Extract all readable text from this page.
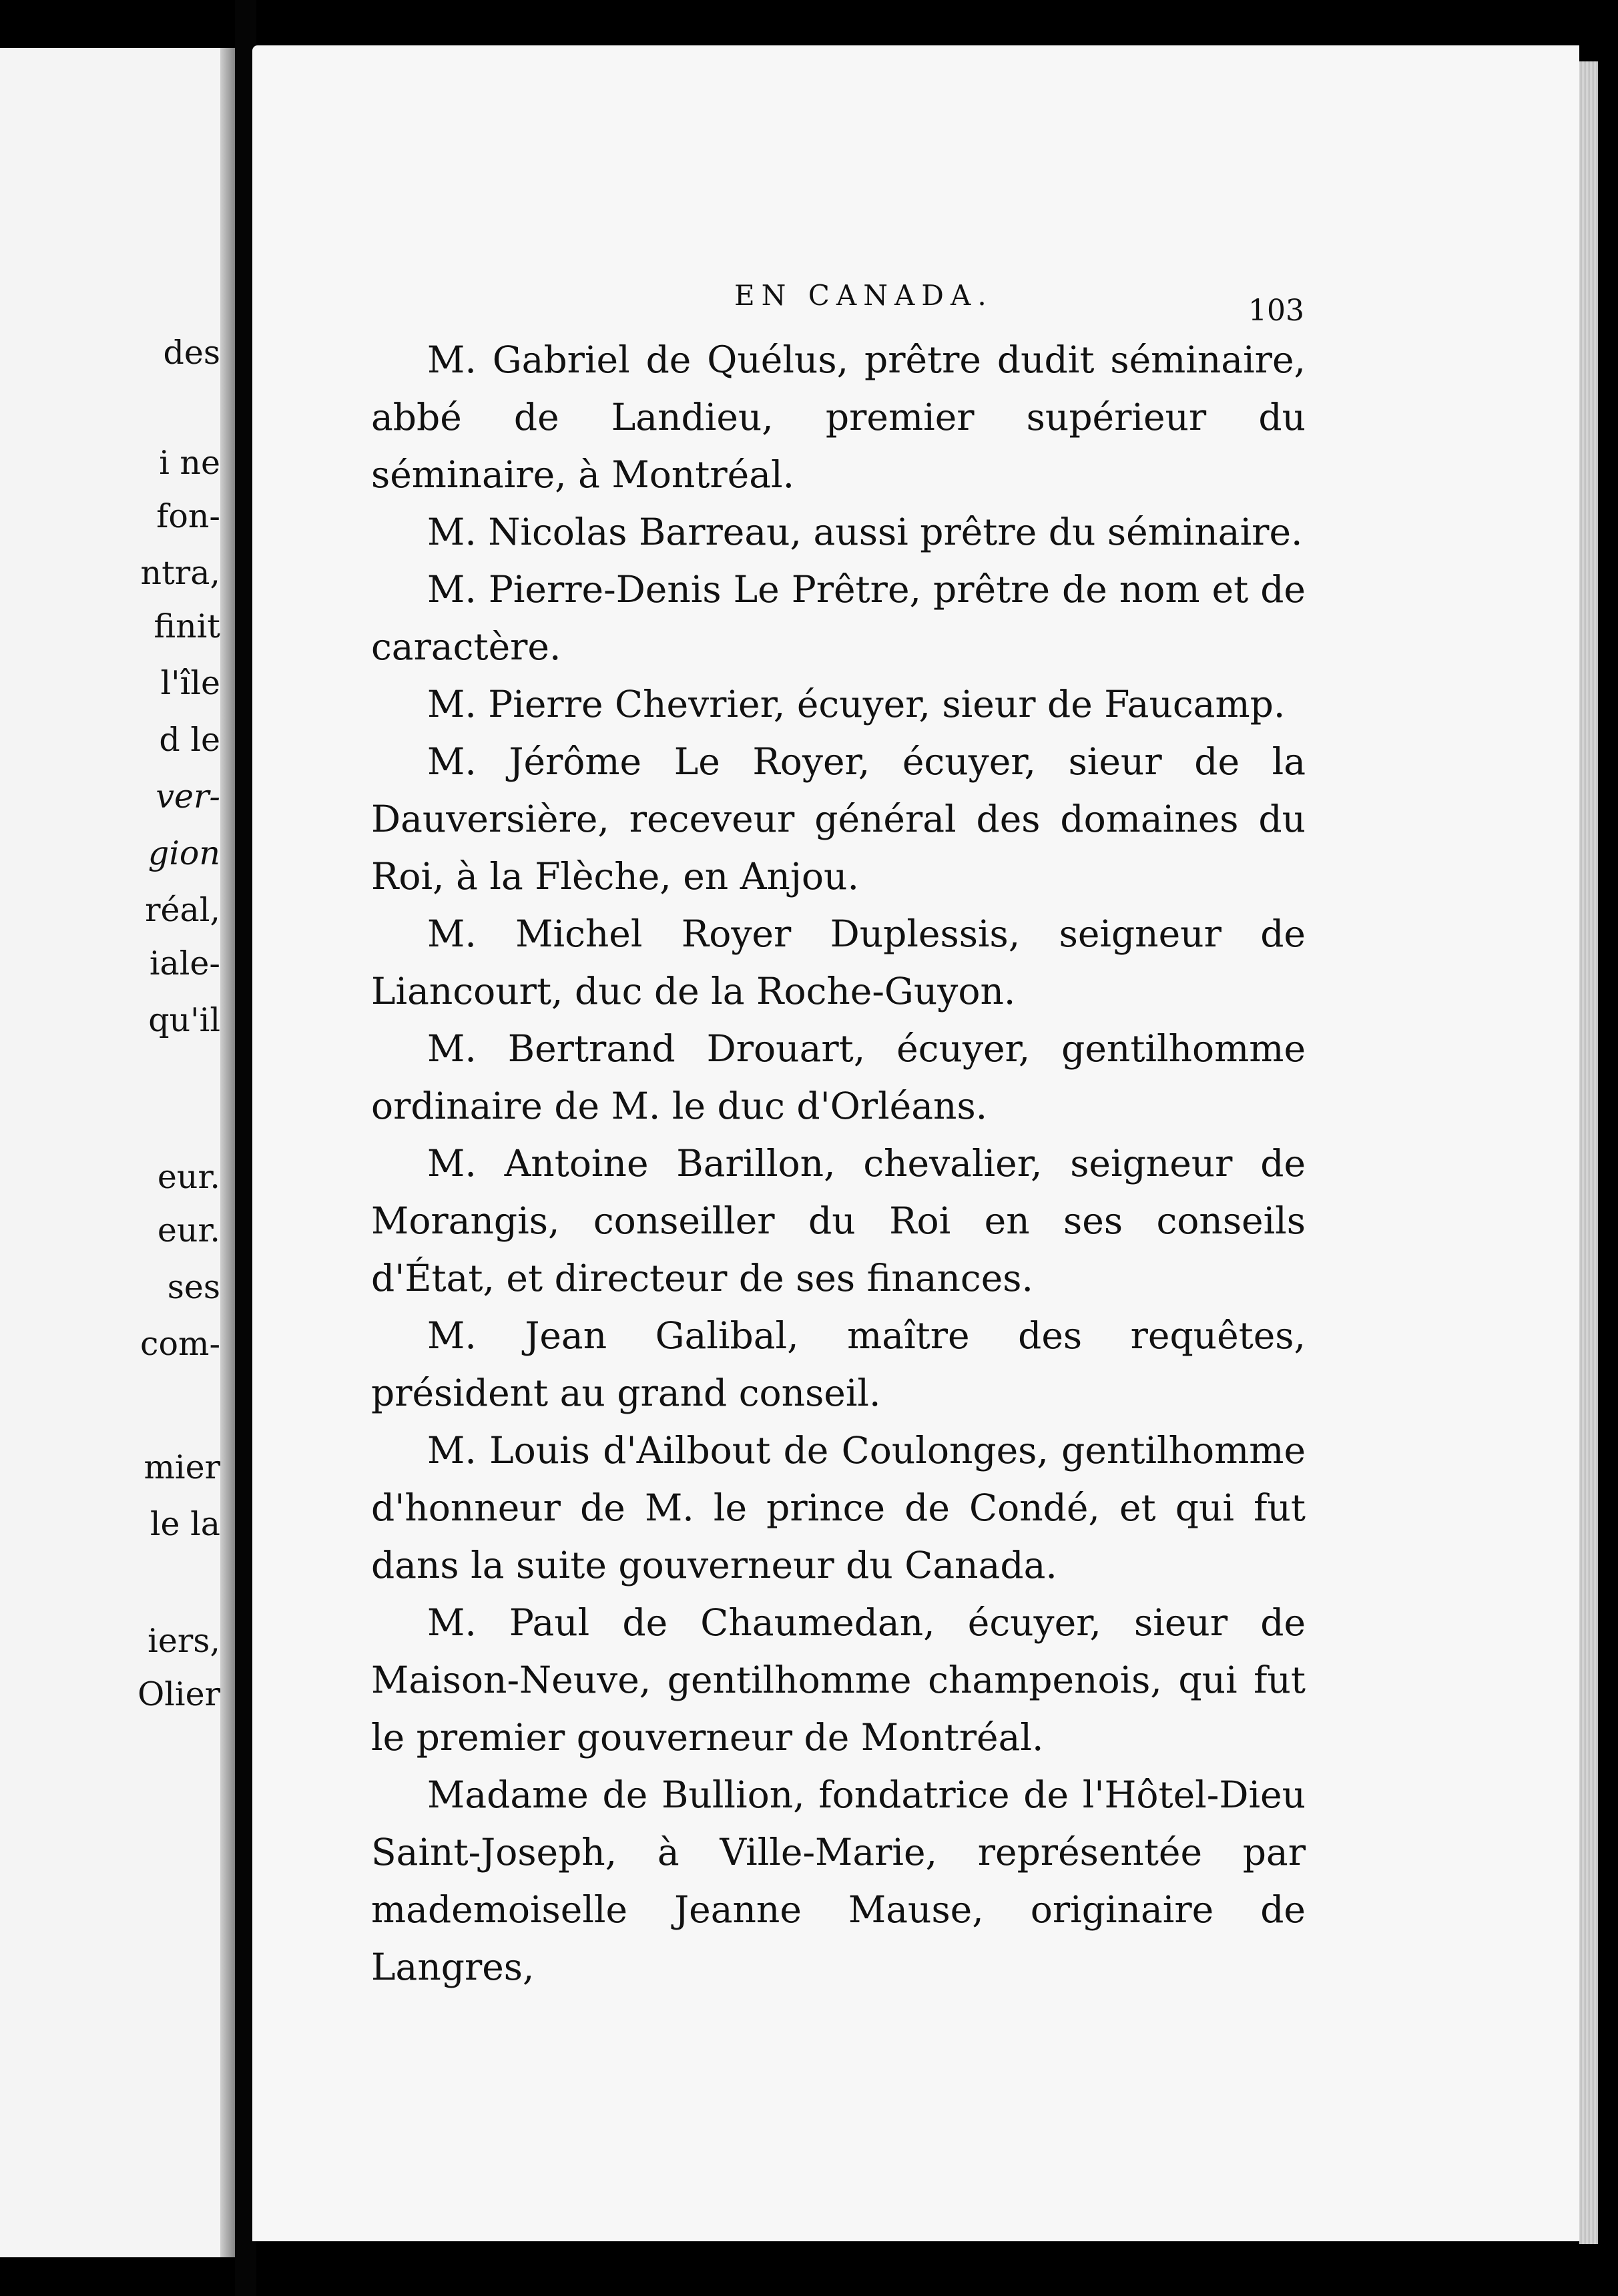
des
i ne
fon-
ntra,
finit
l'île
d le
ver-
gion
réal,
iale-
qu'il
eur.
eur.
ses
com-
mier
le la
iers,
Olier
EN CANADA.	103

M. Gabriel de Quélus, prêtre dudit séminaire, abbé de Landieu, premier supérieur du séminaire, à Montréal.

M. Nicolas Barreau, aussi prêtre du séminaire.

M. Pierre-Denis Le Prêtre, prêtre de nom et de caractère.

M. Pierre Chevrier, écuyer, sieur de Faucamp.

M. Jérôme Le Royer, écuyer, sieur de la Dauversière, receveur général des domaines du Roi, à la Flèche, en Anjou.

M. Michel Royer Duplessis, seigneur de Liancourt, duc de la Roche-Guyon.

M. Bertrand Drouart, écuyer, gentilhomme ordinaire de M. le duc d'Orléans.

M. Antoine Barillon, chevalier, seigneur de Morangis, conseiller du Roi en ses conseils d'État, et directeur de ses finances.

M. Jean Galibal, maître des requêtes, président au grand conseil.

M. Louis d'Ailbout de Coulonges, gentilhomme d'honneur de M. le prince de Condé, et qui fut dans la suite gouverneur du Canada.

M. Paul de Chaumedan, écuyer, sieur de Maison-Neuve, gentilhomme champenois, qui fut le premier gouverneur de Montréal.

Madame de Bullion, fondatrice de l'Hôtel-Dieu Saint-Joseph, à Ville-Marie, représentée par mademoiselle Jeanne Mause, originaire de Langres,
